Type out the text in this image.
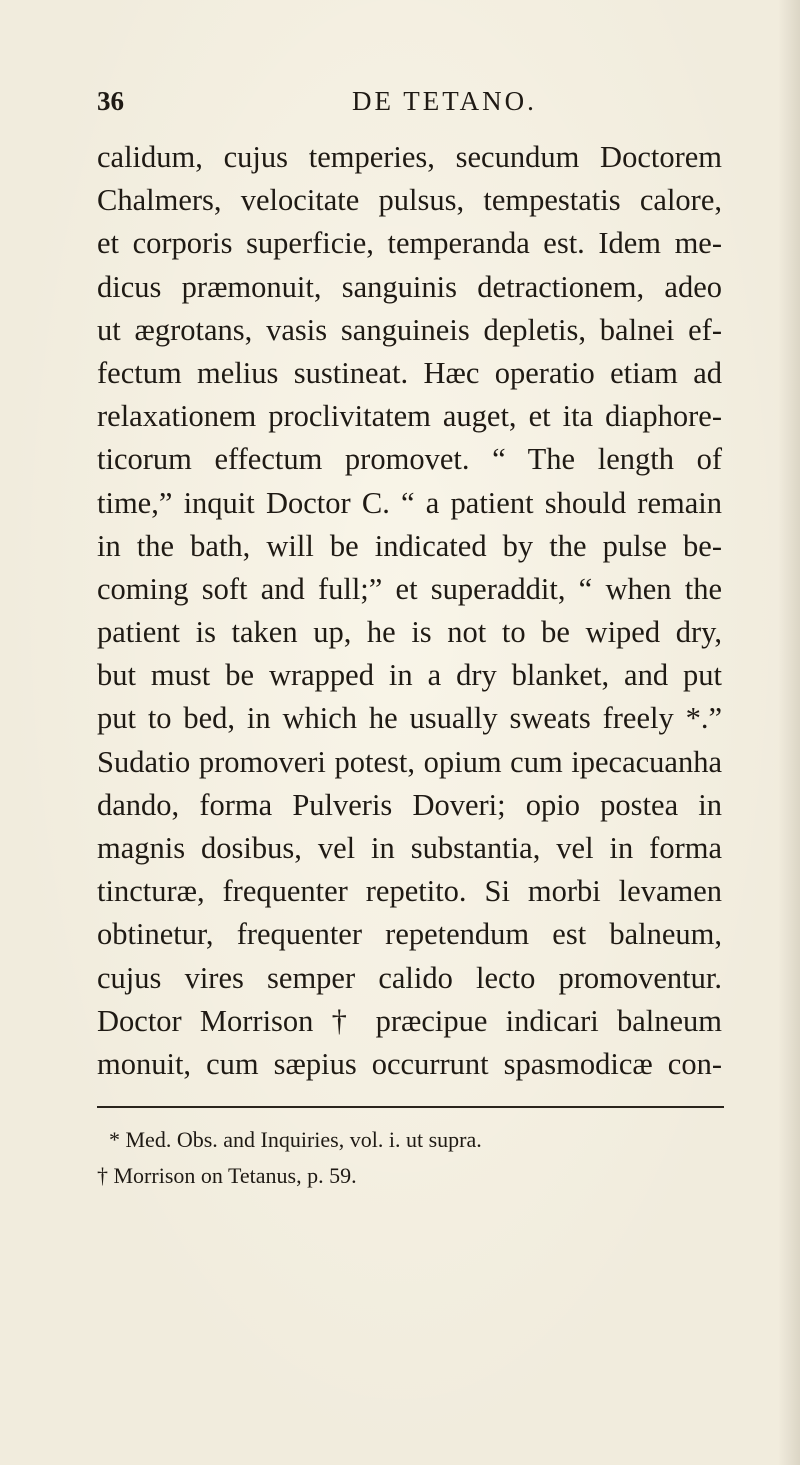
36	DE TETANO.
calidum, cujus temperies, secundum Doctorem
Chalmers, velocitate pulsus, tempestatis calore,
et corporis superficie, temperanda est. Idem me-
dicus præmonuit, sanguinis detractionem, adeo
ut ægrotans, vasis sanguineis depletis, balnei ef-
fectum melius sustineat. Hæc operatio etiam ad
relaxationem proclivitatem auget, et ita diaphore-
ticorum effectum promovet. “ The length of
time,” inquit Doctor C. “ a patient should remain
in the bath, will be indicated by the pulse be-
coming soft and full;” et superaddit, “ when the
patient is taken up, he is not to be wiped dry,
but must be wrapped in a dry blanket, and put
put to bed, in which he usually sweats freely *.”
Sudatio promoveri potest, opium cum ipecacuanha
dando, forma Pulveris Doveri; opio postea in
magnis dosibus, vel in substantia, vel in forma
tincturæ, frequenter repetito. Si morbi levamen
obtinetur, frequenter repetendum est balneum,
cujus vires semper calido lecto promoventur.
Doctor Morrison † præcipue indicari balneum
monuit, cum sæpius occurrunt spasmodicæ con-
* Med. Obs. and Inquiries, vol. i. ut supra.
† Morrison on Tetanus, p. 59.
